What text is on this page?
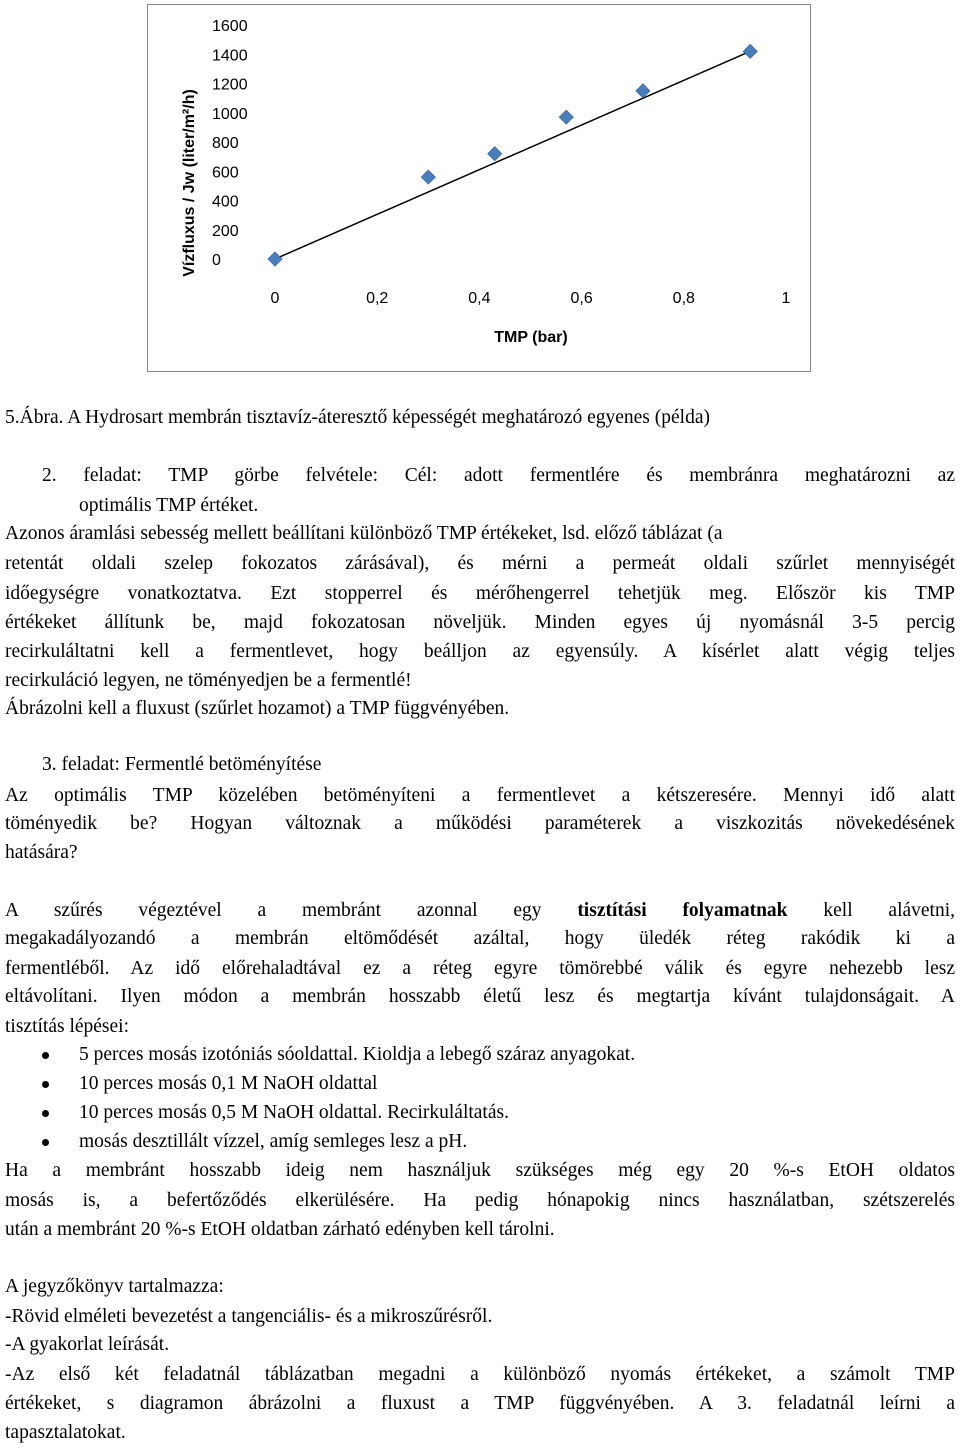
1600
1400
1200
1000
800
600
400
200
0
0	0,2	0,4	0,6	0,8	1
Vízfluxus / Jw (liter/m²/h)
TMP (bar)
5.Ábra. A Hydrosart membrán tisztavíz-áteresztő képességét meghatározó egyenes (példa)
2. feladat: TMP görbe felvétele: Cél: adott fermentlére és membránra meghatározni az
optimális TMP értéket.
Azonos áramlási sebesség mellett beállítani különböző TMP értékeket, lsd. előző táblázat (a
retentát oldali szelep fokozatos zárásával), és mérni a permeát oldali szűrlet mennyiségét
időegységre vonatkoztatva. Ezt stopperrel és mérőhengerrel tehetjük meg. Először kis TMP
értékeket állítunk be, majd fokozatosan növeljük. Minden egyes új nyomásnál 3-5 percig
recirkuláltatni kell a fermentlevet, hogy beálljon az egyensúly. A kísérlet alatt végig teljes
recirkuláció legyen, ne töményedjen be a fermentlé!
Ábrázolni kell a fluxust (szűrlet hozamot) a TMP függvényében.
3. feladat: Fermentlé betöményítése
Az optimális TMP közelében betöményíteni a fermentlevet a kétszeresére. Mennyi idő alatt
töményedik be? Hogyan változnak a működési paraméterek a viszkozitás növekedésének
hatására?
A szűrés végeztével a membránt azonnal egy tisztítási folyamatnak kell alávetni,
megakadályozandó a membrán eltömődését azáltal, hogy üledék réteg rakódik ki a
fermentléből. Az idő előrehaladtával ez a réteg egyre tömörebbé válik és egyre nehezebb lesz
eltávolítani. Ilyen módon a membrán hosszabb életű lesz és megtartja kívánt tulajdonságait. A
tisztítás lépései:
5 perces mosás izotóniás sóoldattal. Kioldja a lebegő száraz anyagokat.
10 perces mosás 0,1 M NaOH oldattal
10 perces mosás 0,5 M NaOH oldattal. Recirkuláltatás.
mosás desztillált vízzel, amíg semleges lesz a pH.
Ha a membránt hosszabb ideig nem használjuk szükséges még egy 20 %-s EtOH oldatos
mosás is, a befertőződés elkerülésére. Ha pedig hónapokig nincs használatban, szétszerelés
után a membránt 20 %-s EtOH oldatban zárható edényben kell tárolni.
A jegyzőkönyv tartalmazza:
-Rövid elméleti bevezetést a tangenciális- és a mikroszűrésről.
-A gyakorlat leírását.
-Az első két feladatnál táblázatban megadni a különböző nyomás értékeket, a számolt TMP
értékeket, s diagramon ábrázolni a fluxust a TMP függvényében. A 3. feladatnál leírni a
tapasztalatokat.
